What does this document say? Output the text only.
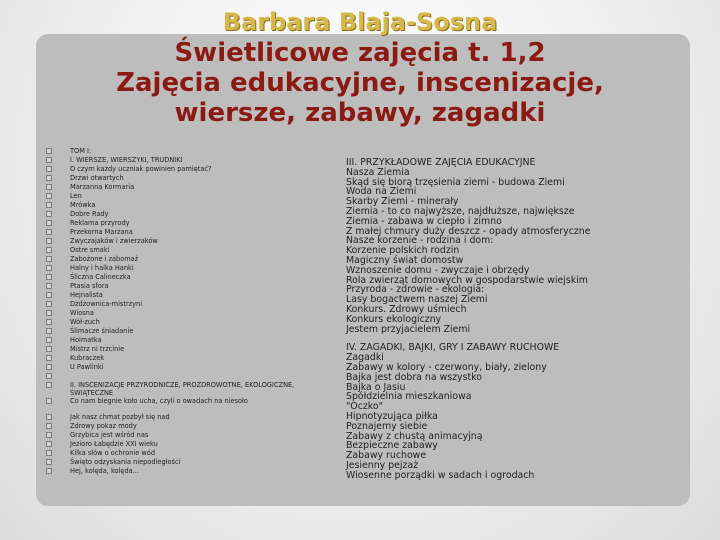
Barbara Blaja-Sosna
Świetlicowe zajęcia t. 1,2
Zajęcia edukacyjne, inscenizacje,
wiersze, zabawy, zagadki
TOM I:
I. WIERSZE, WIERSZYKI, TRUDNIKI
O czym każdy uczniak powinien pamiętać?
Drzwi otwartych
Marzanna Kormaria
Len
Mrówka
Dobre Rady
Reklama przyrody
Przekorna Marzana
Zwyczajaków i zwierzaków
Ostre smaki
Zabożone i zabomaż
Halny i halka Hanki
Śliczna Calineczka
Ptasia sfora
Hejnalista
Dżdżownica-mistrzyni
Wiosna
Wół-zuch
Ślimacze śniadanie
Hoimatka
Mistrz ni trzcinie
Kubraczek
U Pawlinki
II. INSCENIZACJE PRZYRODNICZE, PROZDROWOTNE, EKOLOGICZNE, ŚWIĄTECZNE
Co nam biegnie koło ucha, czyli o owadach na niesoło
Jak nasz chmat pozbył się nad
Zdrowy pokaz mody
Grzybica jest wśród nas
Jezioro Łabędzie XXI wieku
Kilka słów o ochronie wód
Święto odzyskania niepodległości
Hej, kolęda, kolęda...
III. PRZYKŁADOWE ZAJĘCIA EDUKACYJNE
Nasza Ziemia
Skąd się biorą trzęsienia ziemi - budowa Ziemi
Woda na Ziemi
Skarby Ziemi - minerały
Ziemia - to co najwyższe, najdłuższe, największe
Ziemia - zabawa w ciepło i zimno
Z małej chmury duży deszcz - opady atmosferyczne
Nasze korzenie - rodzina i dom:
Korzenie polskich rodzin
Magiczny świat domostw
Wznoszenie domu - zwyczaje i obrzędy
Rola zwierząt domowych w gospodarstwie wiejskim
Przyroda - zdrowie - ekologia:
Lasy bogactwem naszej Ziemi
Konkurs. Zdrowy uśmiech
Konkurs ekologiczny
Jestem przyjacielem Ziemi
IV. ZAGADKI, BAJKI, GRY I ZABAWY RUCHOWE
Zagadki
Zabawy w kolory - czerwony, biały, zielony
Bajka jest dobra na wszystko
Bajka o Jasiu
Spółdzielnia mieszkaniowa
"Oczko"
Hipnotyzująca piłka
Poznajemy siebie
Zabawy z chustą animacyjną
Bezpieczne zabawy
Zabawy ruchowe
Jesienny pejzaż
Wiosenne porządki w sadach i ogrodach
